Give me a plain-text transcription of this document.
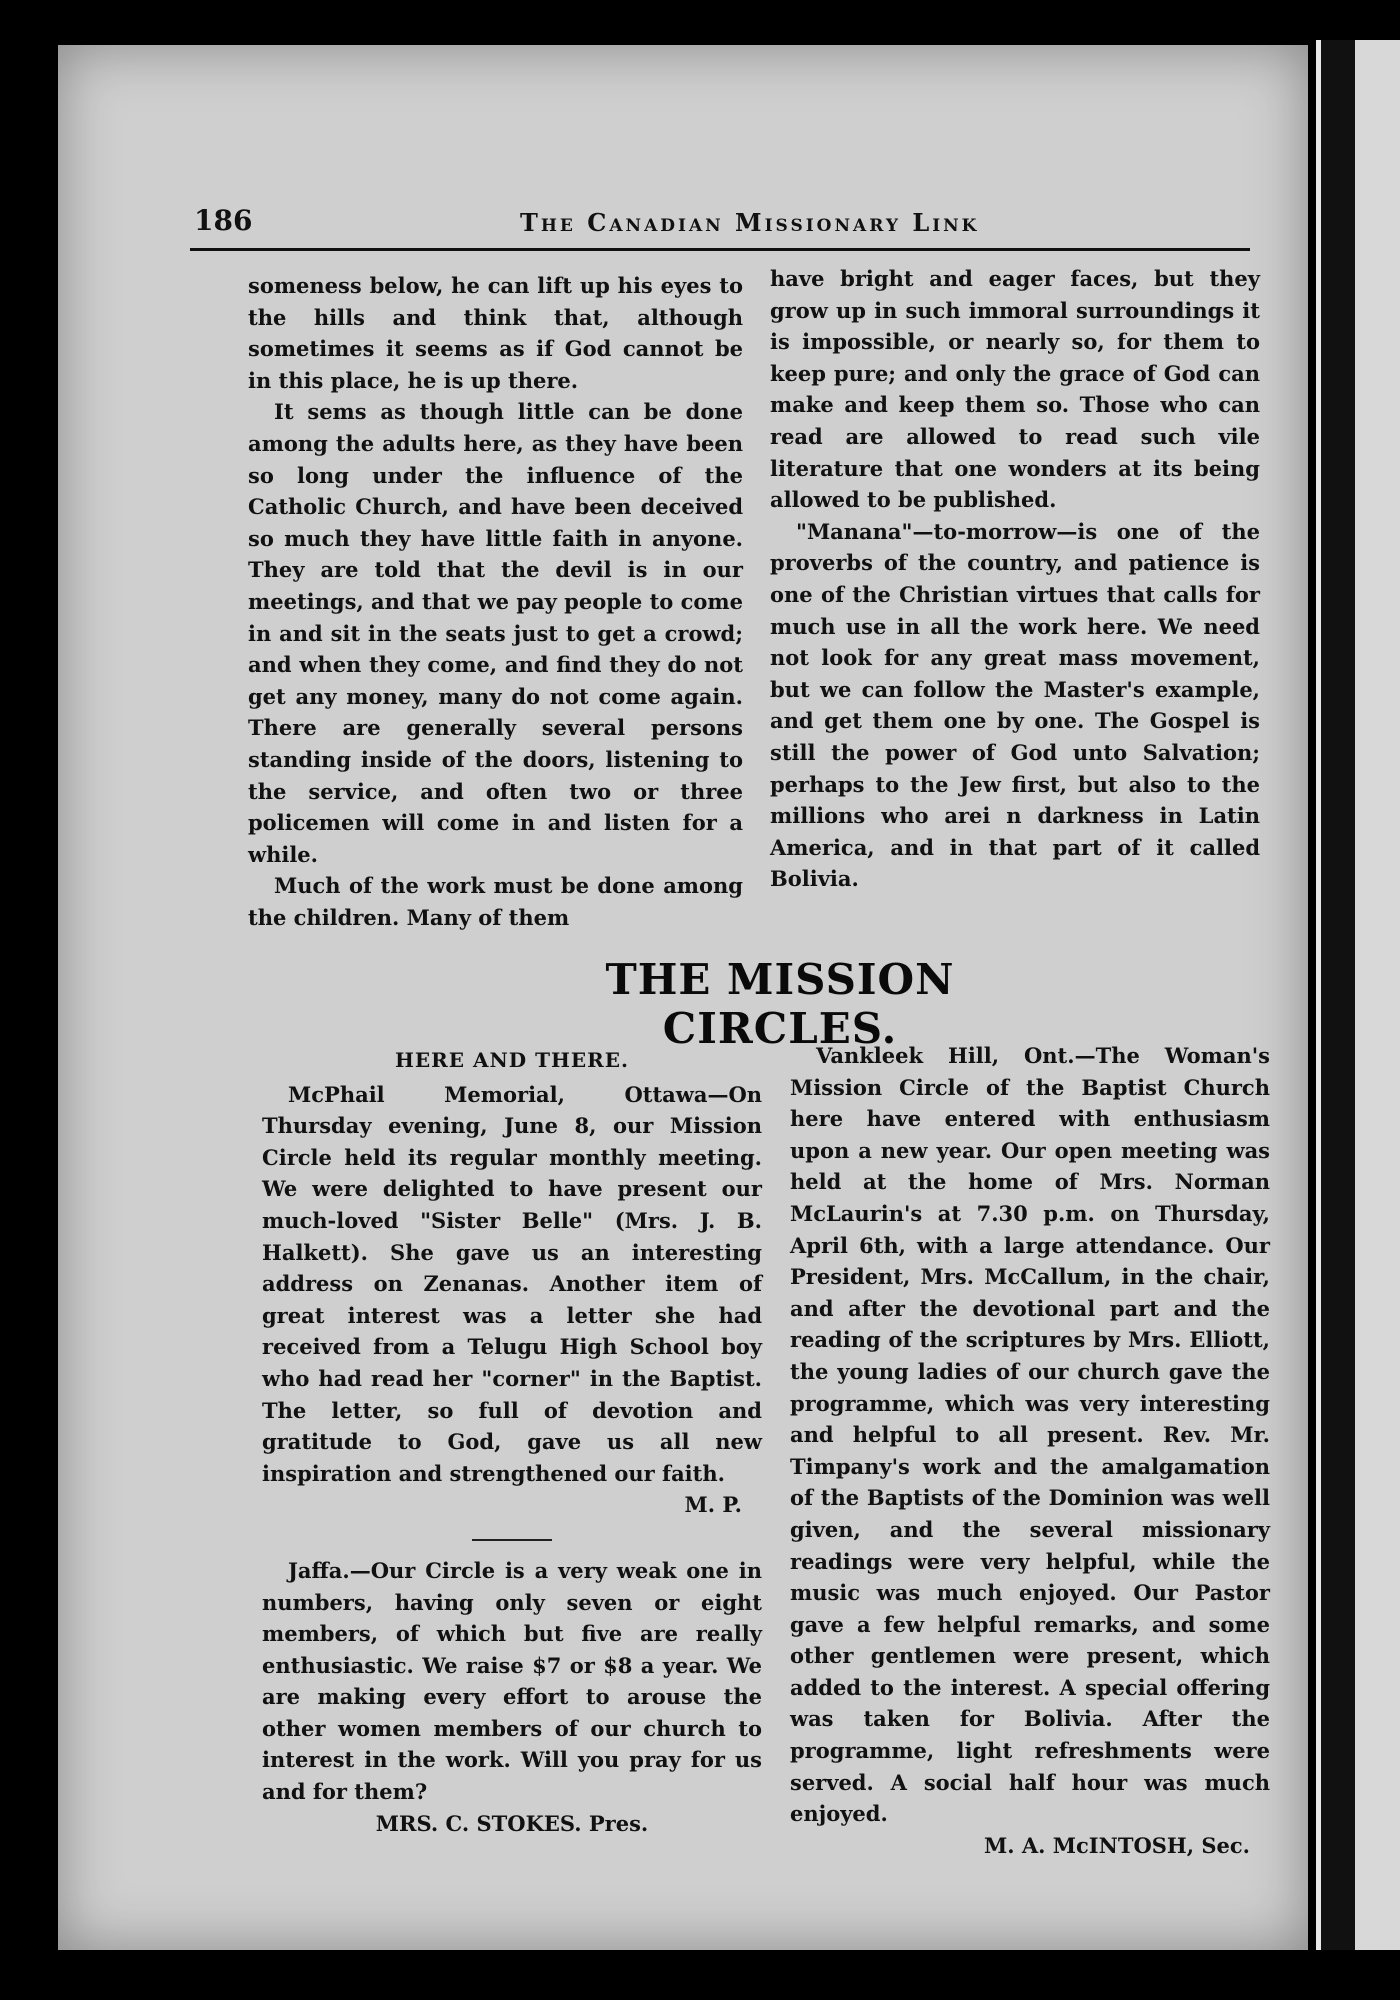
186	The Canadian Missionary Link

someness below, he can lift up his eyes to the hills and think that, although sometimes it seems as if God cannot be in this place, he is up there.

It sems as though little can be done among the adults here, as they have been so long under the influence of the Catholic Church, and have been deceived so much they have little faith in anyone. They are told that the devil is in our meetings, and that we pay people to come in and sit in the seats just to get a crowd; and when they come, and find they do not get any money, many do not come again. There are generally several persons standing inside of the doors, listening to the service, and often two or three policemen will come in and listen for a while.

Much of the work must be done among the children. Many of them

have bright and eager faces, but they grow up in such immoral surroundings it is impossible, or nearly so, for them to keep pure; and only the grace of God can make and keep them so. Those who can read are allowed to read such vile literature that one wonders at its being allowed to be published.

"Manana"—to-morrow—is one of the proverbs of the country, and patience is one of the Christian virtues that calls for much use in all the work here. We need not look for any great mass movement, but we can follow the Master's example, and get them one by one. The Gospel is still the power of God unto Salvation; perhaps to the Jew first, but also to the millions who arei n darkness in Latin America, and in that part of it called Bolivia.

THE MISSION CIRCLES.
HERE AND THERE.

McPhail Memorial, Ottawa—On Thursday evening, June 8, our Mission Circle held its regular monthly meeting. We were delighted to have present our much-loved "Sister Belle" (Mrs. J. B. Halkett). She gave us an interesting address on Zenanas. Another item of great interest was a letter she had received from a Telugu High School boy who had read her "corner" in the Baptist. The letter, so full of devotion and gratitude to God, gave us all new inspiration and strengthened our faith.

M. P.

Jaffa.—Our Circle is a very weak one in numbers, having only seven or eight members, of which but five are really enthusiastic. We raise $7 or $8 a year. We are making every effort to arouse the other women members of our church to interest in the work. Will you pray for us and for them?

MRS. C. STOKES. Pres.

Vankleek Hill, Ont.—The Woman's Mission Circle of the Baptist Church here have entered with enthusiasm upon a new year. Our open meeting was held at the home of Mrs. Norman McLaurin's at 7.30 p.m. on Thursday, April 6th, with a large attendance. Our President, Mrs. McCallum, in the chair, and after the devotional part and the reading of the scriptures by Mrs. Elliott, the young ladies of our church gave the programme, which was very interesting and helpful to all present. Rev. Mr. Timpany's work and the amalgamation of the Baptists of the Dominion was well given, and the several missionary readings were very helpful, while the music was much enjoyed. Our Pastor gave a few helpful remarks, and some other gentlemen were present, which added to the interest. A special offering was taken for Bolivia. After the programme, light refreshments were served. A social half hour was much enjoyed.

M. A. McINTOSH, Sec.
